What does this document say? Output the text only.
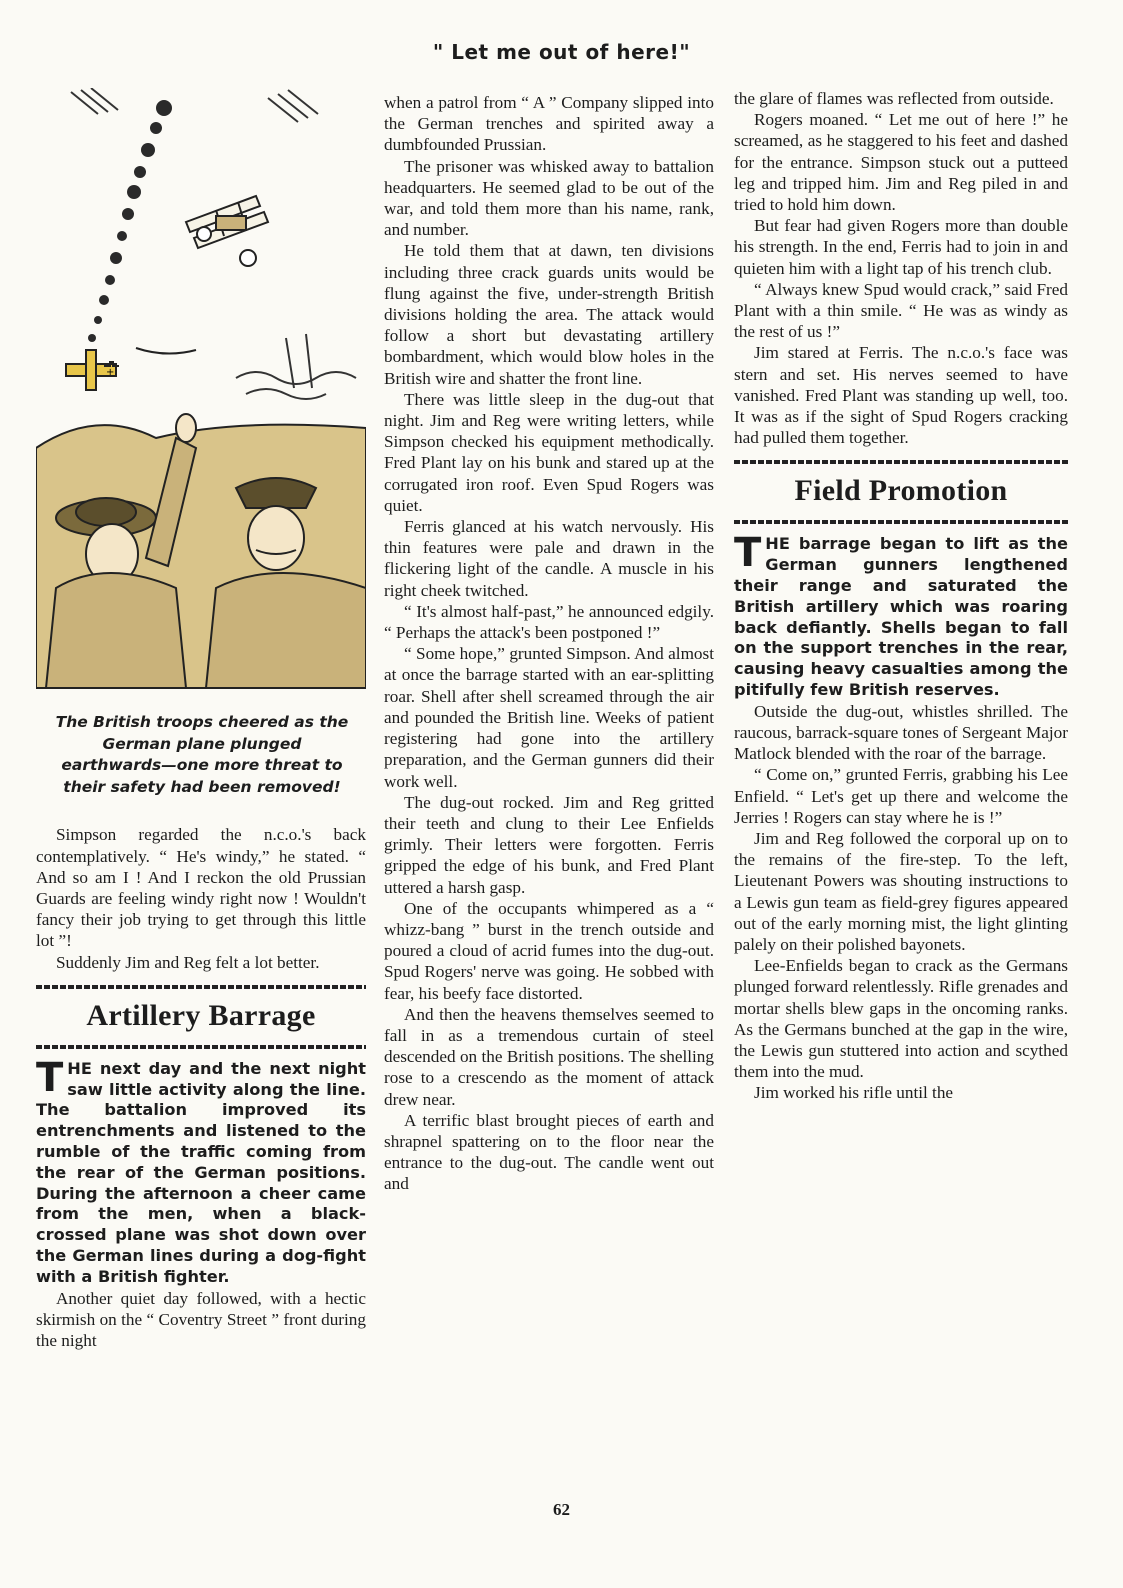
" Let me out of here!"
+
The British troops cheered as the German plane plunged earthwards—one more threat to their safety had been removed!

Simpson regarded the n.c.o.'s back contemplatively. “ He's windy,” he stated. “ And so am I ! And I reckon the old Prussian Guards are feeling windy right now ! Wouldn't fancy their job trying to get through this little lot ”!

Suddenly Jim and Reg felt a lot better.

Artillery Barrage
THE next day and the next night saw little activity along the line. The battalion improved its entrenchments and listened to the rumble of the traffic coming from the rear of the German positions. During the afternoon a cheer came from the men, when a black-crossed plane was shot down over the German lines during a dog-fight with a British fighter.

Another quiet day followed, with a hectic skirmish on the “ Coventry Street ” front during the night

when a patrol from “ A ” Company slipped into the German trenches and spirited away a dumbfounded Prussian.

The prisoner was whisked away to battalion headquarters. He seemed glad to be out of the war, and told them more than his name, rank, and number.

He told them that at dawn, ten divisions including three crack guards units would be flung against the five, under-strength British divisions holding the area. The attack would follow a short but devastating artillery bombardment, which would blow holes in the British wire and shatter the front line.

There was little sleep in the dug-out that night. Jim and Reg were writing letters, while Simpson checked his equipment methodically. Fred Plant lay on his bunk and stared up at the corrugated iron roof. Even Spud Rogers was quiet.

Ferris glanced at his watch nervously. His thin features were pale and drawn in the flickering light of the candle. A muscle in his right cheek twitched.

“ It's almost half-past,” he announced edgily. “ Perhaps the attack's been postponed !”

“ Some hope,” grunted Simpson. And almost at once the barrage started with an ear-splitting roar. Shell after shell screamed through the air and pounded the British line. Weeks of patient registering had gone into the artillery preparation, and the German gunners did their work well.

The dug-out rocked. Jim and Reg gritted their teeth and clung to their Lee Enfields grimly. Their letters were forgotten. Ferris gripped the edge of his bunk, and Fred Plant uttered a harsh gasp.

One of the occupants whimpered as a “ whizz-bang ” burst in the trench outside and poured a cloud of acrid fumes into the dug-out. Spud Rogers' nerve was going. He sobbed with fear, his beefy face distorted.

And then the heavens themselves seemed to fall in as a tremendous curtain of steel descended on the British positions. The shelling rose to a crescendo as the moment of attack drew near.

A terrific blast brought pieces of earth and shrapnel spattering on to the floor near the entrance to the dug-out. The candle went out and

the glare of flames was reflected from outside.

Rogers moaned. “ Let me out of here !” he screamed, as he staggered to his feet and dashed for the entrance. Simpson stuck out a putteed leg and tripped him. Jim and Reg piled in and tried to hold him down.

But fear had given Rogers more than double his strength. In the end, Ferris had to join in and quieten him with a light tap of his trench club.

“ Always knew Spud would crack,” said Fred Plant with a thin smile. “ He was as windy as the rest of us !”

Jim stared at Ferris. The n.c.o.'s face was stern and set. His nerves seemed to have vanished. Fred Plant was standing up well, too. It was as if the sight of Spud Rogers cracking had pulled them together.

Field Promotion
THE barrage began to lift as the German gunners lengthened their range and saturated the British artillery which was roaring back defiantly. Shells began to fall on the support trenches in the rear, causing heavy casualties among the pitifully few British reserves.

Outside the dug-out, whistles shrilled. The raucous, barrack-square tones of Sergeant Major Matlock blended with the roar of the barrage.

“ Come on,” grunted Ferris, grabbing his Lee Enfield. “ Let's get up there and welcome the Jerries ! Rogers can stay where he is !”

Jim and Reg followed the corporal up on to the remains of the fire-step. To the left, Lieutenant Powers was shouting instructions to a Lewis gun team as field-grey figures appeared out of the early morning mist, the light glinting palely on their polished bayonets.

Lee-Enfields began to crack as the Germans plunged forward relentlessly. Rifle grenades and mortar shells blew gaps in the oncoming ranks. As the Germans bunched at the gap in the wire, the Lewis gun stuttered into action and scythed them into the mud.

Jim worked his rifle until the

62
